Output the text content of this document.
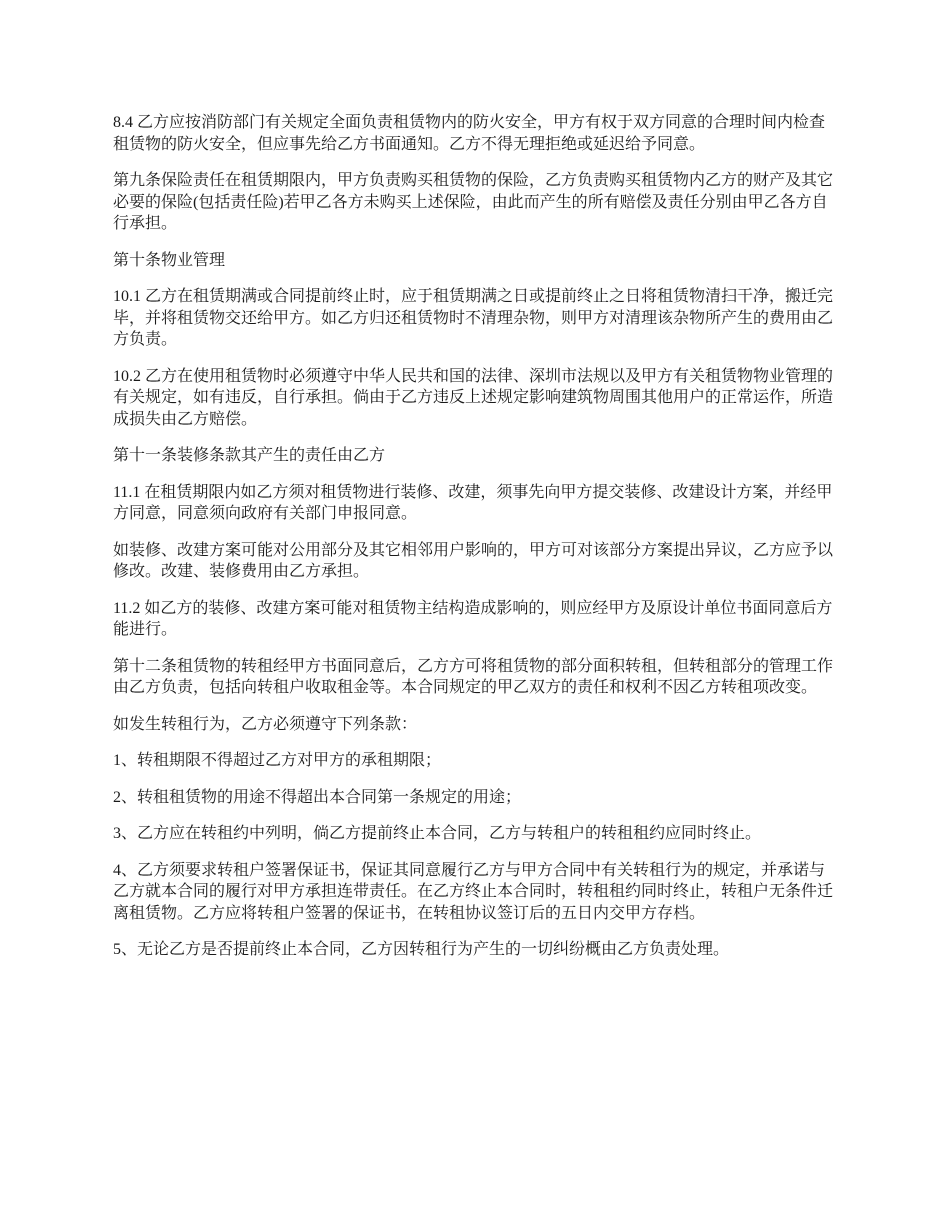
8.4 乙方应按消防部门有关规定全面负责租赁物内的防火安全，甲方有权于双方同意的合理时间内检查租赁物的防火安全，但应事先给乙方书面通知。乙方不得无理拒绝或延迟给予同意。

第九条保险责任在租赁期限内，甲方负责购买租赁物的保险，乙方负责购买租赁物内乙方的财产及其它必要的保险(包括责任险)若甲乙各方未购买上述保险，由此而产生的所有赔偿及责任分别由甲乙各方自行承担。

第十条物业管理

10.1 乙方在租赁期满或合同提前终止时，应于租赁期满之日或提前终止之日将租赁物清扫干净，搬迁完毕，并将租赁物交还给甲方。如乙方归还租赁物时不清理杂物，则甲方对清理该杂物所产生的费用由乙方负责。

10.2 乙方在使用租赁物时必须遵守中华人民共和国的法律、深圳市法规以及甲方有关租赁物物业管理的有关规定，如有违反，自行承担。倘由于乙方违反上述规定影响建筑物周围其他用户的正常运作，所造成损失由乙方赔偿。

第十一条装修条款其产生的责任由乙方

11.1 在租赁期限内如乙方须对租赁物进行装修、改建，须事先向甲方提交装修、改建设计方案，并经甲方同意，同意须向政府有关部门申报同意。

如装修、改建方案可能对公用部分及其它相邻用户影响的，甲方可对该部分方案提出异议，乙方应予以修改。改建、装修费用由乙方承担。

11.2 如乙方的装修、改建方案可能对租赁物主结构造成影响的，则应经甲方及原设计单位书面同意后方能进行。

第十二条租赁物的转租经甲方书面同意后，乙方方可将租赁物的部分面积转租，但转租部分的管理工作由乙方负责，包括向转租户收取租金等。本合同规定的甲乙双方的责任和权利不因乙方转租项改变。

如发生转租行为，乙方必须遵守下列条款：

1、转租期限不得超过乙方对甲方的承租期限；

2、转租租赁物的用途不得超出本合同第一条规定的用途；

3、乙方应在转租约中列明，倘乙方提前终止本合同，乙方与转租户的转租租约应同时终止。

4、乙方须要求转租户签署保证书，保证其同意履行乙方与甲方合同中有关转租行为的规定，并承诺与乙方就本合同的履行对甲方承担连带责任。在乙方终止本合同时，转租租约同时终止，转租户无条件迁离租赁物。乙方应将转租户签署的保证书，在转租协议签订后的五日内交甲方存档。

5、无论乙方是否提前终止本合同，乙方因转租行为产生的一切纠纷概由乙方负责处理。
